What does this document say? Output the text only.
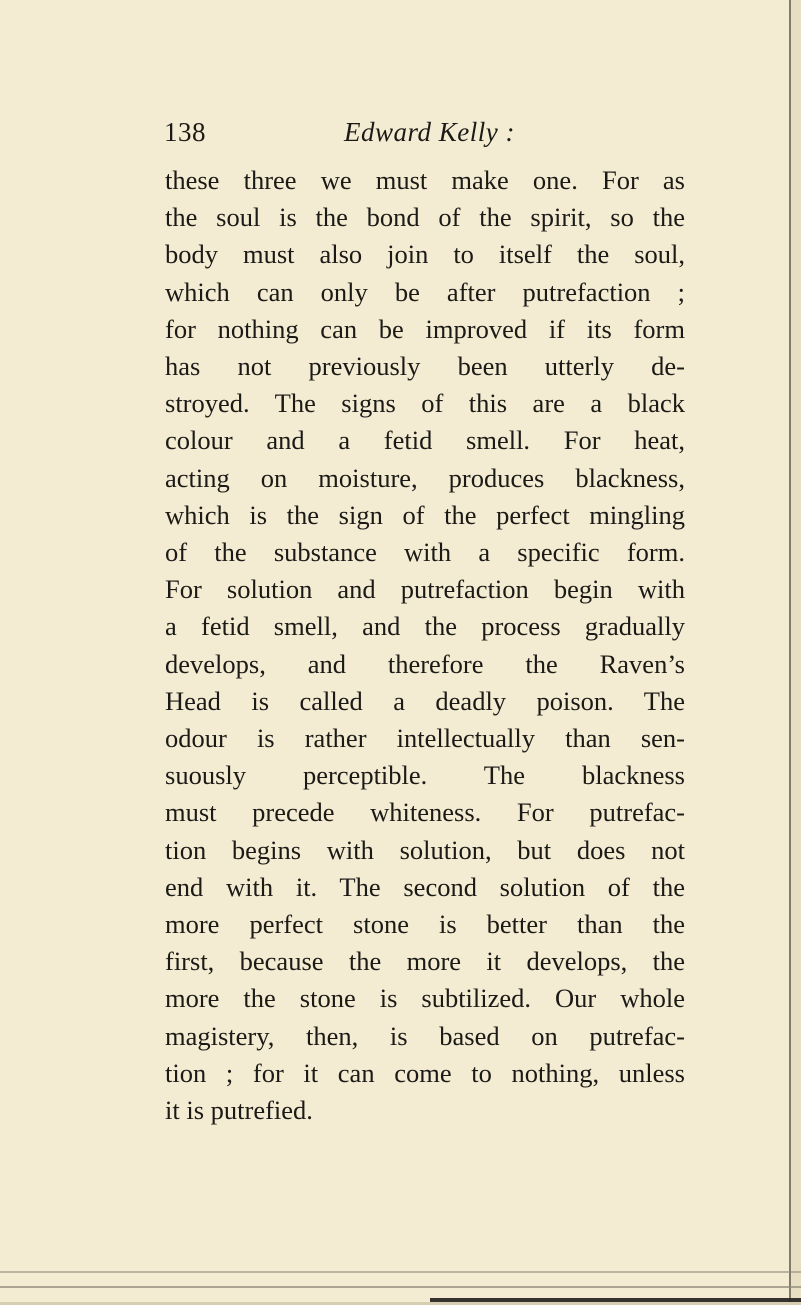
138	Edward Kelly :
these three we must make one. For as
the soul is the bond of the spirit, so the
body must also join to itself the soul,
which can only be after putrefaction ;
for nothing can be improved if its form
has not previously been utterly de-
stroyed. The signs of this are a black
colour and a fetid smell. For heat,
acting on moisture, produces blackness,
which is the sign of the perfect mingling
of the substance with a specific form.
For solution and putrefaction begin with
a fetid smell, and the process gradually
develops, and therefore the Raven’s
Head is called a deadly poison. The
odour is rather intellectually than sen-
suously perceptible. The blackness
must precede whiteness. For putrefac-
tion begins with solution, but does not
end with it. The second solution of the
more perfect stone is better than the
first, because the more it develops, the
more the stone is subtilized. Our whole
magistery, then, is based on putrefac-
tion ; for it can come to nothing, unless
it is putrefied.
